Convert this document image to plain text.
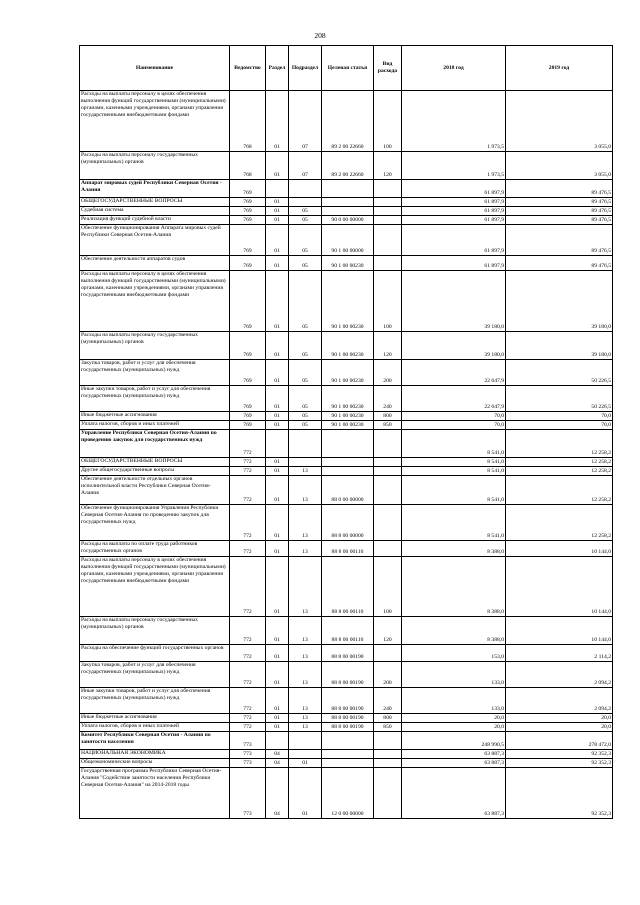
208
Наименование	Ведомство	Раздел	Подраздел	Целевая статья	Вид расхода	2018 год	2019 год
Расходы на выплаты персоналу в целях обеспечения выполнения функций государственными (муниципальными) органами, казенными учреждениями, органами управления государственными внебюджетными фондами	768	01	07	89 2 00 22660	100	1 973,5	3 055,0
Расходы на выплаты персоналу государственных (муниципальных) органов	768	01	07	89 2 00 22660	120	1 973,5	3 055,0
Аппарат мировых судей Республики Северная Осетия - Алания	769					61 897,9	89 476,5
ОБЩЕГОСУДАРСТВЕННЫЕ ВОПРОСЫ	769	01				61 897,9	89 476,5
Судебная система	769	01	05			61 897,9	89 476,5
Реализация функций судебной власти	769	01	05	90 0 00 00000		61 897,9	89 476,5
Обеспечение функционирования Аппарата мировых судей Республики Северная Осетия-Алания	769	01	05	90 1 00 00000		61 897,9	89 476,5
Обеспечение деятельности аппаратов судов	769	01	05	90 1 00 00230		61 897,9	89 476,5
Расходы на выплаты персоналу в целях обеспечения выполнения функций государственными (муниципальными) органами, казенными учреждениями, органами управления государственными внебюджетными фондами	769	01	05	90 1 00 00230	100	39 180,0	39 180,0
Расходы на выплаты персоналу государственных (муниципальных) органов	769	01	05	90 1 00 00230	120	39 180,0	39 180,0
Закупка товаров, работ и услуг для обеспечения государственных (муниципальных) нужд	769	01	05	90 1 00 00230	200	22 647,9	50 226,5
Иные закупки товаров, работ и услуг для обеспечения государственных (муниципальных) нужд	769	01	05	90 1 00 00230	240	22 647,9	50 226,5
Иные бюджетные ассигнования	769	01	05	90 1 00 00230	800	70,0	70,0
Уплата налогов, сборов и иных платежей	769	01	05	90 1 00 00230	850	70,0	70,0
Управление Республики Северная Осетия-Алания по проведению закупок для государственных нужд	772					8 541,0	12 258,2
ОБЩЕГОСУДАРСТВЕННЫЕ ВОПРОСЫ	772	01				8 541,0	12 258,2
Другие общегосударственные вопросы	772	01	13			8 541,0	12 258,2
Обеспечение деятельности отдельных органов исполнительной власти Республики Северная Осетия-Алания	772	01	13	88 0 00 00000		8 541,0	12 258,2
Обеспечение функционирования Управления Республики Северная Осетия-Алания по проведению закупок для государственных нужд	772	01	13	88 8 00 00000		8 541,0	12 258,2
Расходы на выплаты по оплате труда работников государственных органов	772	01	13	88 8 00 00110		8 388,0	10 144,0
Расходы на выплаты персоналу в целях обеспечения выполнения функций государственными (муниципальными) органами, казенными учреждениями, органами управления государственными внебюджетными фондами	772	01	13	88 8 00 00110	100	8 388,0	10 144,0
Расходы на выплаты персоналу государственных (муниципальных) органов	772	01	13	88 8 00 00110	120	8 388,0	10 144,0
Расходы на обеспечение функций государственных органов	772	01	13	88 8 00 00190		153,0	2 114,2
Закупка товаров, работ и услуг для обеспечения государственных (муниципальных) нужд	772	01	13	88 8 00 00190	200	133,0	2 094,2
Иные закупки товаров, работ и услуг для обеспечения государственных (муниципальных) нужд	772	01	13	88 8 00 00190	240	133,0	2 094,2
Иные бюджетные ассигнования	772	01	13	88 8 00 00190	800	20,0	20,0
Уплата налогов, сборов и иных платежей	772	01	13	88 8 00 00190	850	20,0	20,0
Комитет Республики Северная Осетия - Алания по занятости населения	773					248 990,5	278 472,0
НАЦИОНАЛЬНАЯ ЭКОНОМИКА	773	04				63 887,3	92 352,3
Общеэкономические вопросы	773	04	01			63 887,3	92 352,3
Государственная программа Республики Северная Осетия-Алания "Содействие занятости населения Республики Северная Осетия-Алания" на 2014-2018 годы	773	04	01	12 0 00 00000		63 887,3	92 352,3
